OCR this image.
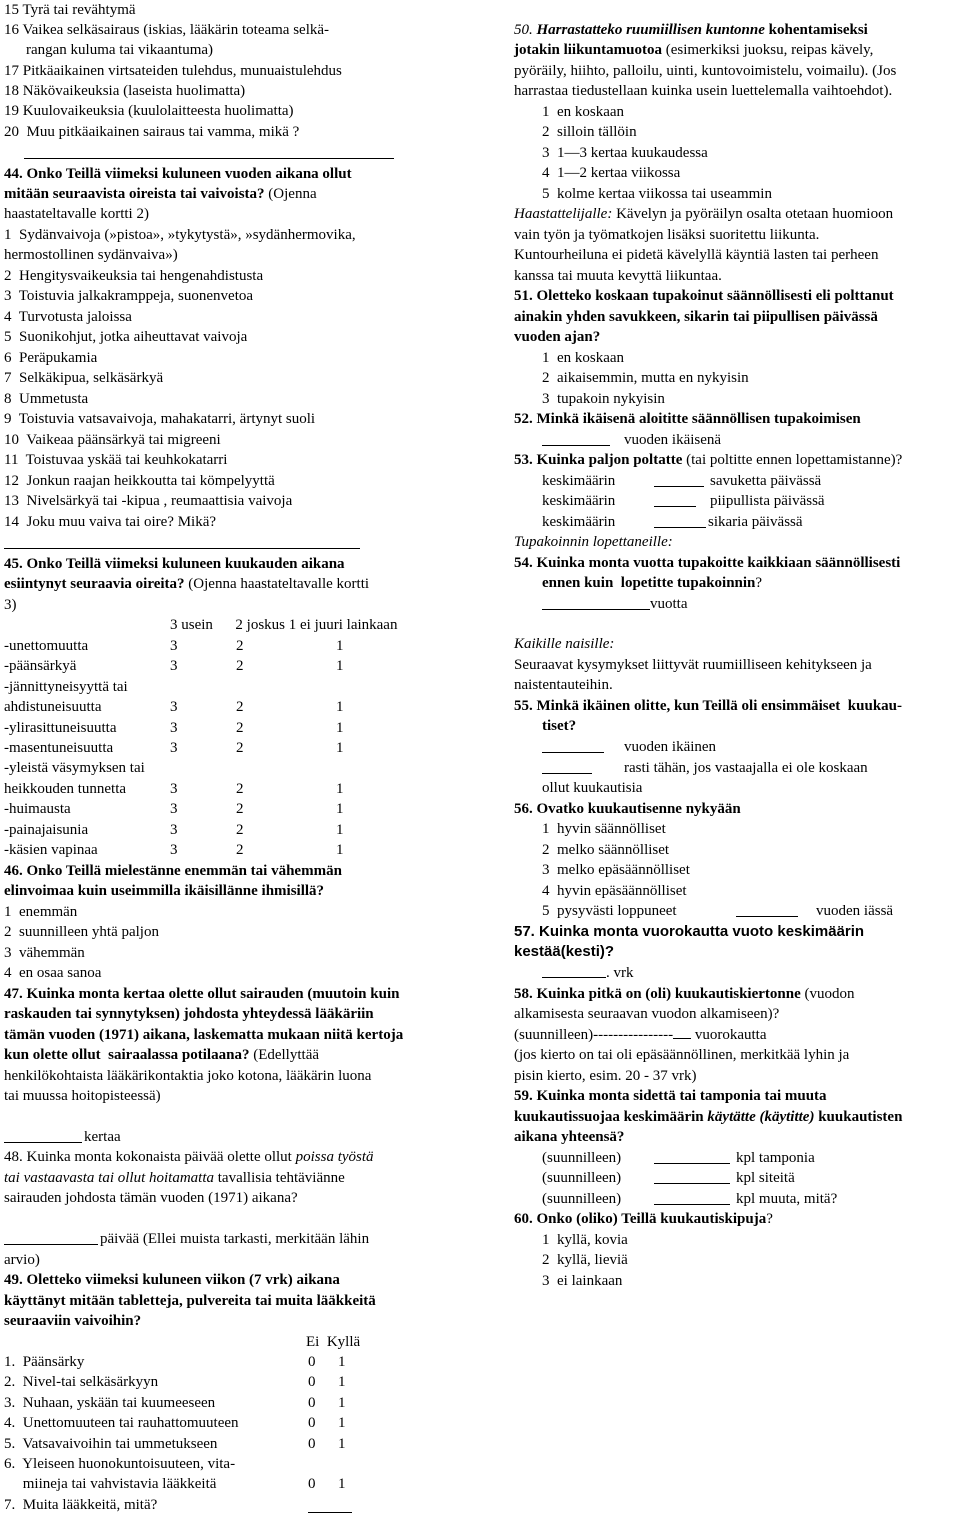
15 Tyrä tai revähtymä
16 Vaikea selkäsairaus (iskias, lääkärin toteama selkä-
rangan kuluma tai vikaantuma)
17 Pitkäaikainen virtsateiden tulehdus, munuaistulehdus
18 Näkövaikeuksia (laseista huolimatta)
19 Kuulovaikeuksia (kuulolaitteesta huolimatta)
20  Muu pitkäaikainen sairaus tai vamma, mikä ?
44. Onko Teillä viimeksi kuluneen vuoden aikana ollut
mitään seuraavista oireista tai vaivoista? (Ojenna
haastateltavalle kortti 2)
1  Sydänvaivoja (»pistoa», »tykytystä», »sydänhermovika,
hermostollinen sydänvaiva»)
2  Hengitysvaikeuksia tai hengenahdistusta
3  Toistuvia jalkakramppeja, suonenvetoa
4  Turvotusta jaloissa
5  Suonikohjut, jotka aiheuttavat vaivoja
6  Peräpukamia
7  Selkäkipua, selkäsärkyä
8  Ummetusta
9  Toistuvia vatsavaivoja, mahakatarri, ärtynyt suoli
10  Vaikeaa päänsärkyä tai migreeni
11  Toistuvaa yskää tai keuhkokatarri
12  Jonkun raajan heikkoutta tai kömpelyyttä
13  Nivelsärkyä tai -kipua , reumaattisia vaivoja
14  Joku muu vaiva tai oire? Mikä?
45. Onko Teillä viimeksi kuluneen kuukauden aikana
esiintynyt seuraavia oireita? (Ojenna haastateltavalle kortti
3)
3 usein      2 joskus 1 ei juuri lainkaan
-unettomuutta	3	2	1
-päänsärkyä	3	2	1
-jännittyneisyyttä tai
ahdistuneisuutta	3	2	1
-ylirasittuneisuutta	3	2	1
-masentuneisuutta	3	2	1
-yleistä väsymyksen tai
heikkouden tunnetta	3	2	1
-huimausta	3	2	1
-painajaisunia	3	2	1
-käsien vapinaa	3	2	1
46. Onko Teillä mielestänne enemmän tai vähemmän
elinvoimaa kuin useimmilla ikäisillänne ihmisillä?
1  enemmän
2  suunnilleen yhtä paljon
3  vähemmän
4  en osaa sanoa
47. Kuinka monta kertaa olette ollut sairauden (muutoin kuin
raskauden tai synnytyksen) johdosta yhteydessä lääkäriin
tämän vuoden (1971) aikana, laskematta mukaan niitä kertoja
kun olette ollut  sairaalassa potilaana? (Edellyttää
henkilökohtaista lääkärikontaktia joko kotona, lääkärin luona
tai muussa hoitopisteessä)
kertaa
48. Kuinka monta kokonaista päivää olette ollut poissa työstä
tai vastaavasta tai ollut hoitamatta tavallisia tehtäviänne
sairauden johdosta tämän vuoden (1971) aikana?
päivää (Ellei muista tarkasti, merkitään lähin
arvio)
49. Oletteko viimeksi kuluneen viikon (7 vrk) aikana
käyttänyt mitään tabletteja, pulvereita tai muita lääkkeitä
seuraaviin vaivoihin?
Ei  Kyllä
1.  Päänsärky	0 1
2.  Nivel-tai selkäsärkyyn	0 1
3.  Nuhaan, yskään tai kuumeeseen	0 1
4.  Unettomuuteen tai rauhattomuuteen	0 1
5.  Vatsavaivoihin tai ummetukseen	0 1
6.  Yleiseen huonokuntoisuuteen, vita-
miineja tai vahvistavia lääkkeitä	0 1
7.  Muita lääkkeitä, mitä?
50. Harrastatteko ruumiillisen kuntonne kohentamiseksi
jotakin liikuntamuotoa (esimerkiksi juoksu, reipas kävely,
pyöräily, hiihto, palloilu, uinti, kuntovoimistelu, voimailu). (Jos
harrastaa tiedustellaan kuinka usein luettelemalla vaihtoehdot).
1  en koskaan
2  silloin tällöin
3  1—3 kertaa kuukaudessa
4  1—2 kertaa viikossa
5  kolme kertaa viikossa tai useammin
Haastattelijalle: Kävelyn ja pyöräilyn osalta otetaan huomioon
vain työn ja työmatkojen lisäksi suoritettu liikunta.
Kuntourheiluna ei pidetä kävelyllä käyntiä lasten tai perheen
kanssa tai muuta kevyttä liikuntaa.
51. Oletteko koskaan tupakoinut säännöllisesti eli polttanut
ainakin yhden savukkeen, sikarin tai piipullisen päivässä
vuoden ajan?
1  en koskaan
2  aikaisemmin, mutta en nykyisin
3  tupakoin nykyisin
52. Minkä ikäisenä aloititte säännöllisen tupakoimisen
vuoden ikäisenä
53. Kuinka paljon poltatte (tai poltitte ennen lopettamistanne)?
keskimäärin	savuketta päivässä
keskimäärin	piipullista päivässä
keskimäärin	sikaria päivässä
Tupakoinnin lopettaneille:
54. Kuinka monta vuotta tupakoitte kaikkiaan säännöllisesti
ennen kuin  lopetitte tupakoinnin?
vuotta
Kaikille naisille:
Seuraavat kysymykset liittyvät ruumiilliseen kehitykseen ja
naistentauteihin.
55. Minkä ikäinen olitte, kun Teillä oli ensimmäiset  kuukau-
tiset?
vuoden ikäinen
rasti tähän, jos vastaajalla ei ole koskaan
ollut kuukautisia
56. Ovatko kuukautisenne nykyään
1  hyvin säännölliset
2  melko säännölliset
3  melko epäsäännölliset
4  hyvin epäsäännölliset
5  pysyvästi loppuneet	vuoden iässä
57. Kuinka monta vuorokautta vuoto keskimäärin
kestää(kesti)?
. vrk
58. Kuinka pitkä on (oli) kuukautiskiertonne (vuodon
alkamisesta seuraavan vuodon alkamiseen)?
(suunnilleen)---------------- vuorokautta
(jos kierto on tai oli epäsäännöllinen, merkitkää lyhin ja
pisin kierto, esim. 20 - 37 vrk)
59. Kuinka monta sidettä tai tamponia tai muuta
kuukautissuojaa keskimäärin käytätte (käytitte) kuukautisten
aikana yhteensä?
(suunnilleen)	kpl tamponia
(suunnilleen)	kpl siteitä
(suunnilleen)	kpl muuta, mitä?
60. Onko (oliko) Teillä kuukautiskipuja?
1  kyllä, kovia
2  kyllä, lieviä
3  ei lainkaan
